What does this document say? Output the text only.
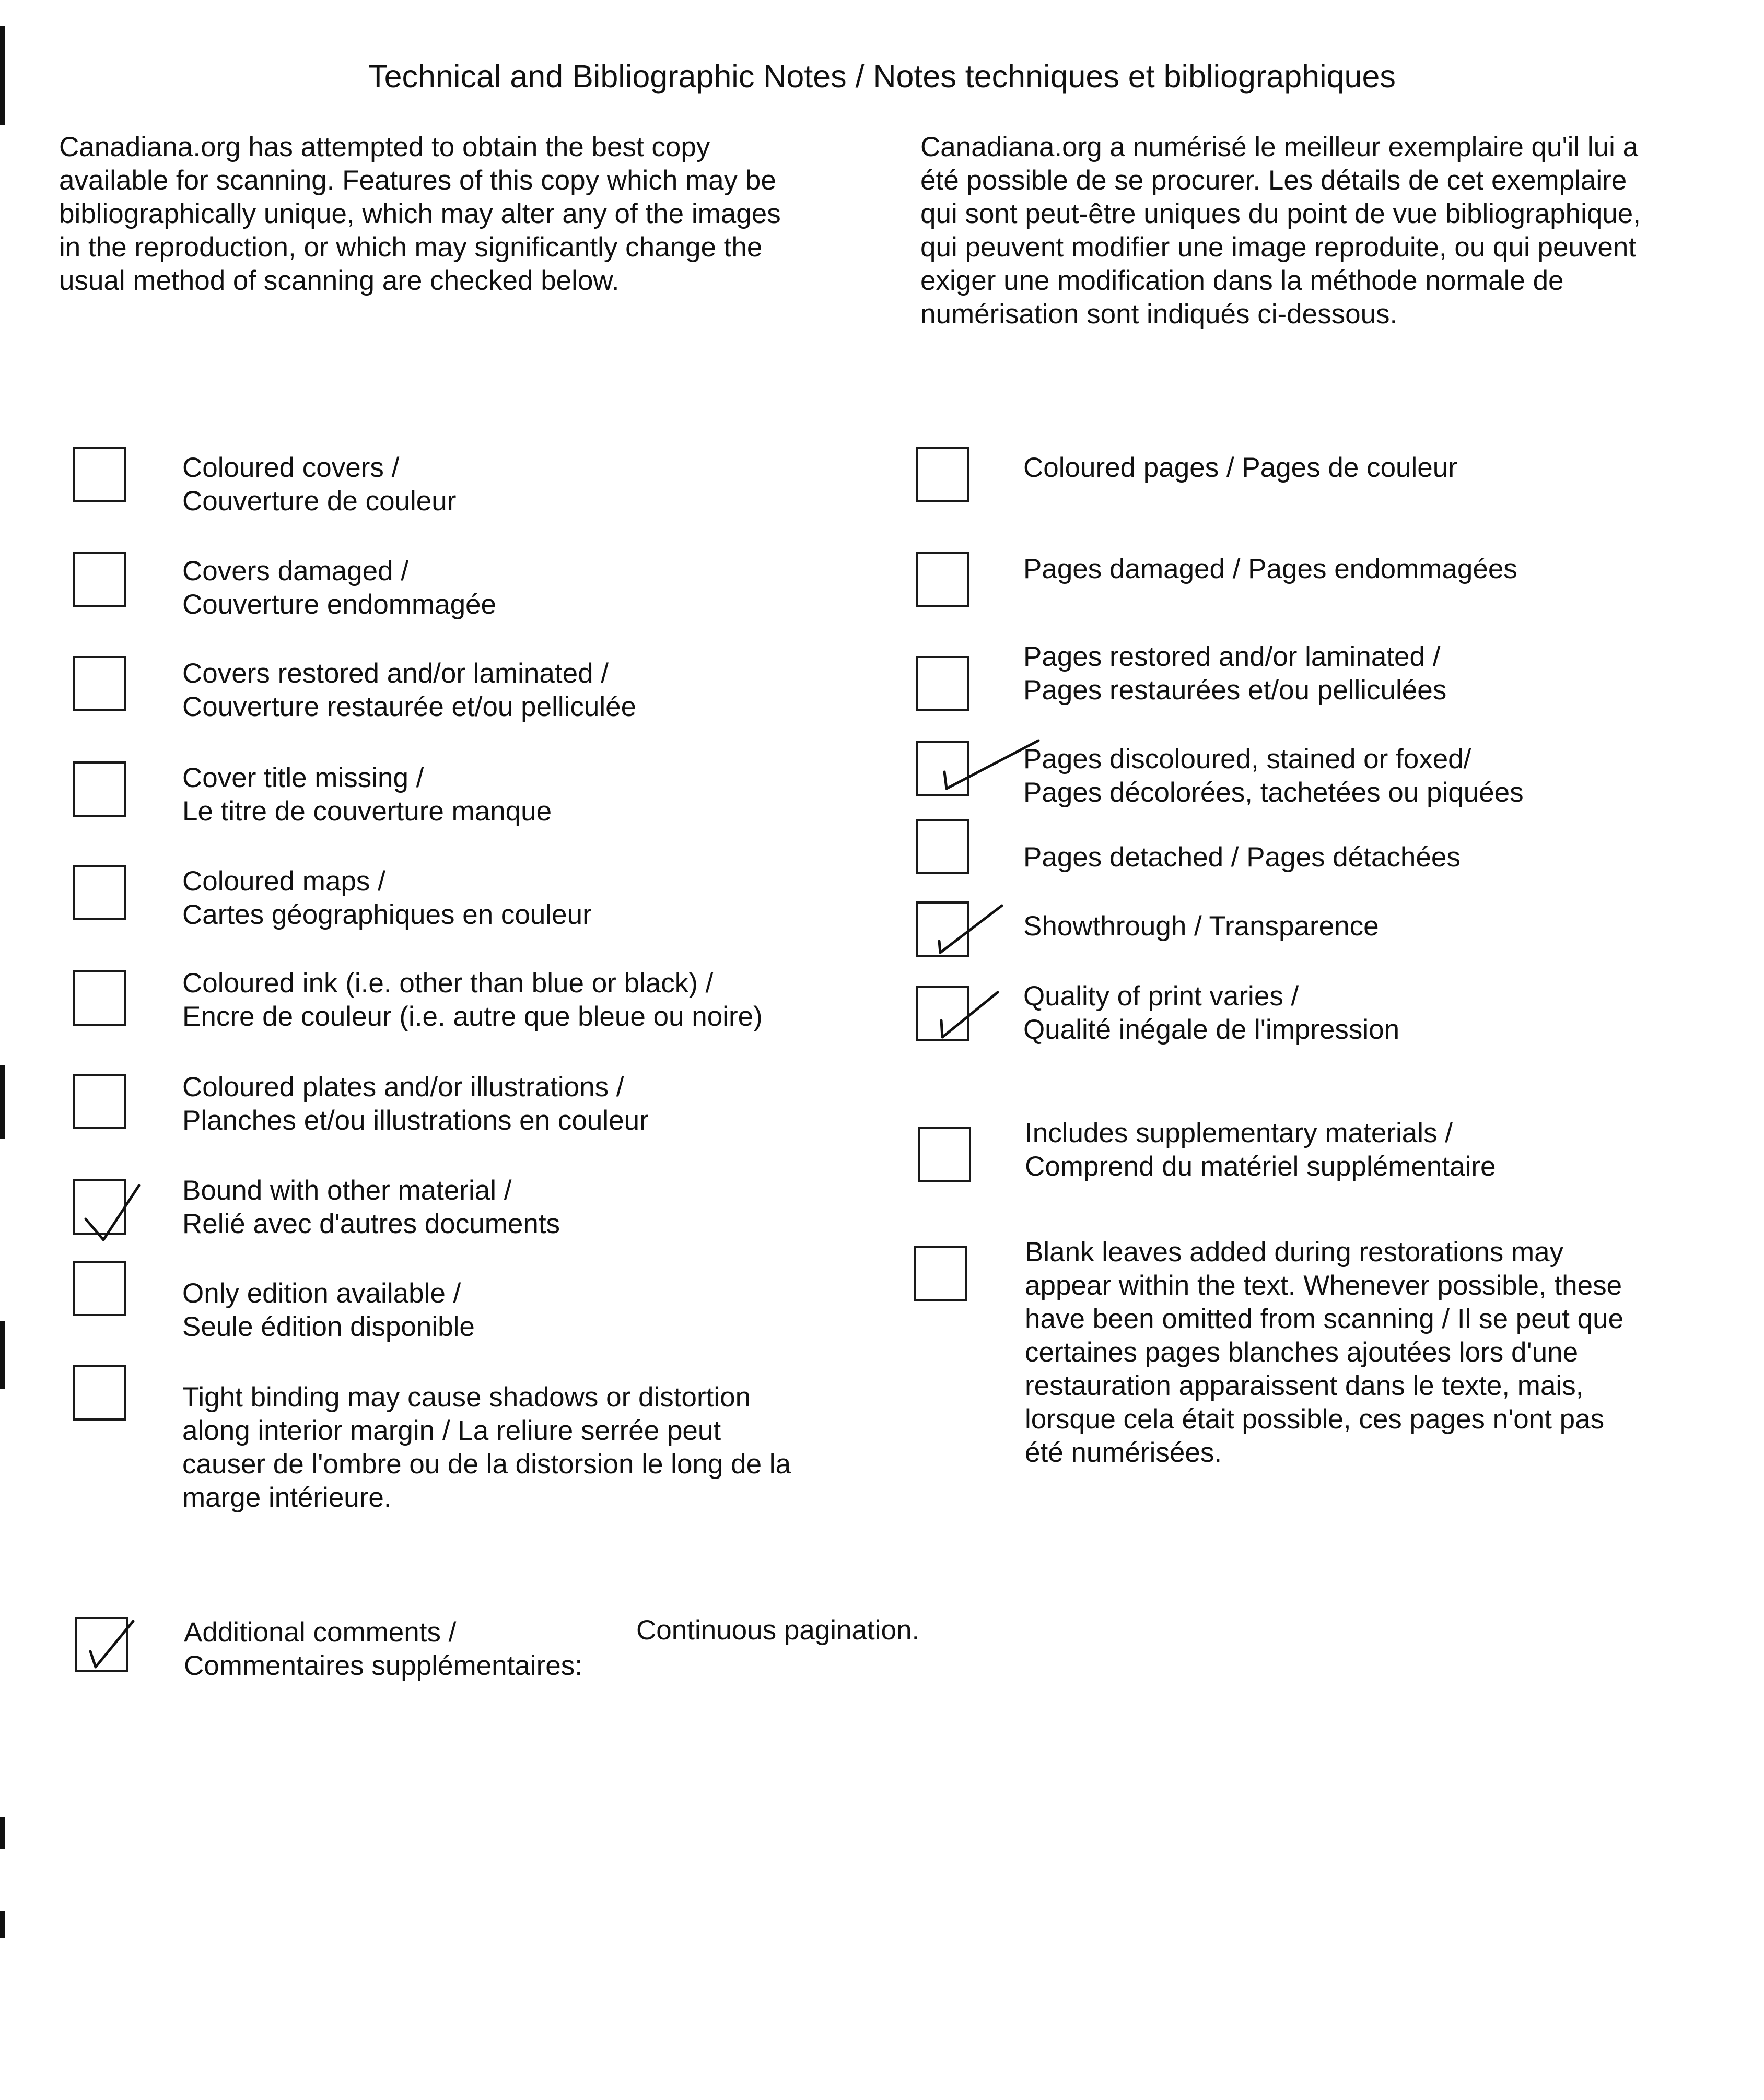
Technical and Bibliographic Notes / Notes techniques et bibliographiques

Canadiana.org has attempted to obtain the best copy
available for scanning. Features of this copy which may be
bibliographically unique, which may alter any of the images
in the reproduction, or which may significantly change the
usual method of scanning are checked below.

Canadiana.org a numérisé le meilleur exemplaire qu'il lui a
été possible de se procurer. Les détails de cet exemplaire
qui sont peut-être uniques du point de vue bibliographique,
qui peuvent modifier une image reproduite, ou qui peuvent
exiger une modification dans la méthode normale de
numérisation sont indiqués ci-dessous.

Coloured covers /
Couverture de couleur

Covers damaged /
Couverture endommagée

Covers restored and/or laminated /
Couverture restaurée et/ou pelliculée

Cover title missing /
Le titre de couverture manque

Coloured maps /
Cartes géographiques en couleur

Coloured ink (i.e. other than blue or black) /
Encre de couleur (i.e. autre que bleue ou noire)

Coloured plates and/or illustrations /
Planches et/ou illustrations en couleur

Bound with other material /
Relié avec d'autres documents

Only edition available /
Seule édition disponible

Tight binding may cause shadows or distortion
along interior margin / La reliure serrée peut
causer de l'ombre ou de la distorsion le long de la
marge intérieure.

Coloured pages / Pages de couleur

Pages damaged / Pages endommagées

Pages restored and/or laminated /
Pages restaurées et/ou pelliculées

Pages discoloured, stained or foxed/
Pages décolorées, tachetées ou piquées

Pages detached / Pages détachées

Showthrough / Transparence

Quality of print varies /
Qualité inégale de l'impression

Includes supplementary materials /
Comprend du matériel supplémentaire

Blank leaves added during restorations may
appear within the text. Whenever possible, these
have been omitted from scanning / Il se peut que
certaines pages blanches ajoutées lors d'une
restauration apparaissent dans le texte, mais,
lorsque cela était possible, ces pages n'ont pas
été numérisées.

Additional comments /
Commentaires supplémentaires:

Continuous pagination.
